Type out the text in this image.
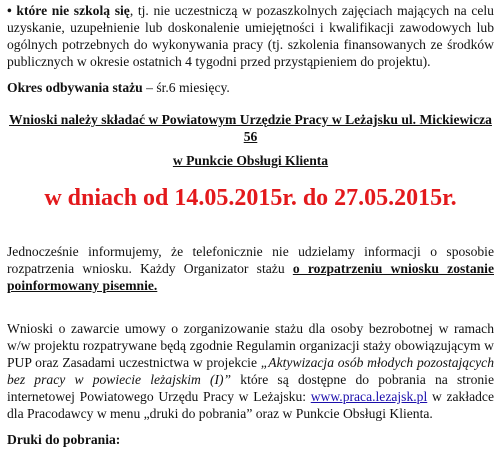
• które nie szkolą się, tj. nie uczestniczą w pozaszkolnych zajęciach mających na celu uzyskanie, uzupełnienie lub doskonalenie umiejętności i kwalifikacji zawodowych lub ogólnych potrzebnych do wykonywania pracy (tj. szkolenia finansowanych ze środków publicznych w okresie ostatnich 4 tygodni przed przystąpieniem do projektu).
Okres odbywania stażu – śr.6 miesięcy.
Wnioski należy składać w Powiatowym Urzędzie Pracy w Leżajsku ul. Mickiewicza 56
w Punkcie Obsługi Klienta
w dniach od 14.05.2015r. do 27.05.2015r.
Jednocześnie informujemy, że telefonicznie nie udzielamy informacji o sposobie rozpatrzenia wniosku. Każdy Organizator stażu o rozpatrzeniu wniosku zostanie poinformowany pisemnie.
Wnioski o zawarcie umowy o zorganizowanie stażu dla osoby bezrobotnej w ramach w/w projektu rozpatrywane będą zgodnie Regulamin organizacji staży obowiązującym w PUP oraz Zasadami uczestnictwa w projekcie „Aktywizacja osób młodych pozostających bez pracy w powiecie leżajskim (I)” które są dostępne do pobrania na stronie internetowej Powiatowego Urzędu Pracy w Leżajsku: www.praca.lezajsk.pl w zakładce dla Pracodawcy w menu „druki do pobrania” oraz w Punkcie Obsługi Klienta.
Druki do pobrania:
